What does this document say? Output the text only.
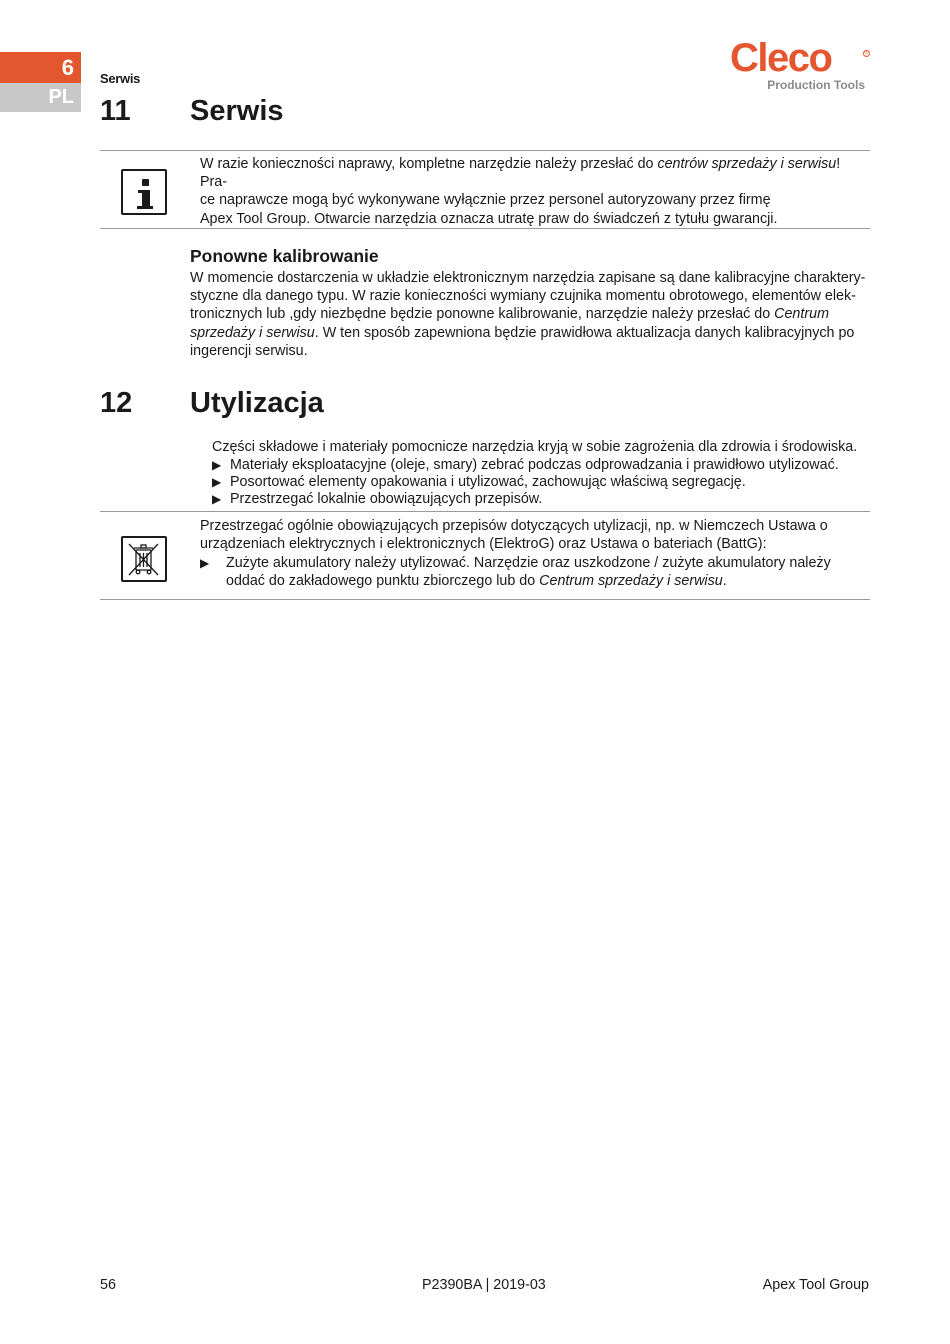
6
PL
Serwis	Cleco	®
Production Tools
11 Serwis
W razie konieczności naprawy, kompletne narzędzie należy przesłać do centrów sprzedaży i serwisu! Pra-
ce naprawcze mogą być wykonywane wyłącznie przez personel autoryzowany przez firmę
Apex Tool Group. Otwarcie narzędzia oznacza utratę praw do świadczeń z tytułu gwarancji.
Ponowne kalibrowanie
W momencie dostarczenia w układzie elektronicznym narzędzia zapisane są dane kalibracyjne charaktery-
styczne dla danego typu. W razie konieczności wymiany czujnika momentu obrotowego, elementów elek-
tronicznych lub ,gdy niezbędne będzie ponowne kalibrowanie, narzędzie należy przesłać do Centrum
sprzedaży i serwisu. W ten sposób zapewniona będzie prawidłowa aktualizacja danych kalibracyjnych po
ingerencji serwisu.
12 Utylizacja
Części składowe i materiały pomocnicze narzędzia kryją w sobie zagrożenia dla zdrowia i środowiska.
▶ Materiały eksploatacyjne (oleje, smary) zebrać podczas odprowadzania i prawidłowo utylizować.
▶ Posortować elementy opakowania i utylizować, zachowując właściwą segregację.
▶ Przestrzegać lokalnie obowiązujących przepisów.
Przestrzegać ogólnie obowiązujących przepisów dotyczących utylizacji, np. w Niemczech Ustawa o
urządzeniach elektrycznych i elektronicznych (ElektroG) oraz Ustawa o bateriach (BattG):
▶ Zużyte akumulatory należy utylizować. Narzędzie oraz uszkodzone / zużyte akumulatory należy
oddać do zakładowego punktu zbiorczego lub do Centrum sprzedaży i serwisu.
56	P2390BA | 2019-03	Apex Tool Group
